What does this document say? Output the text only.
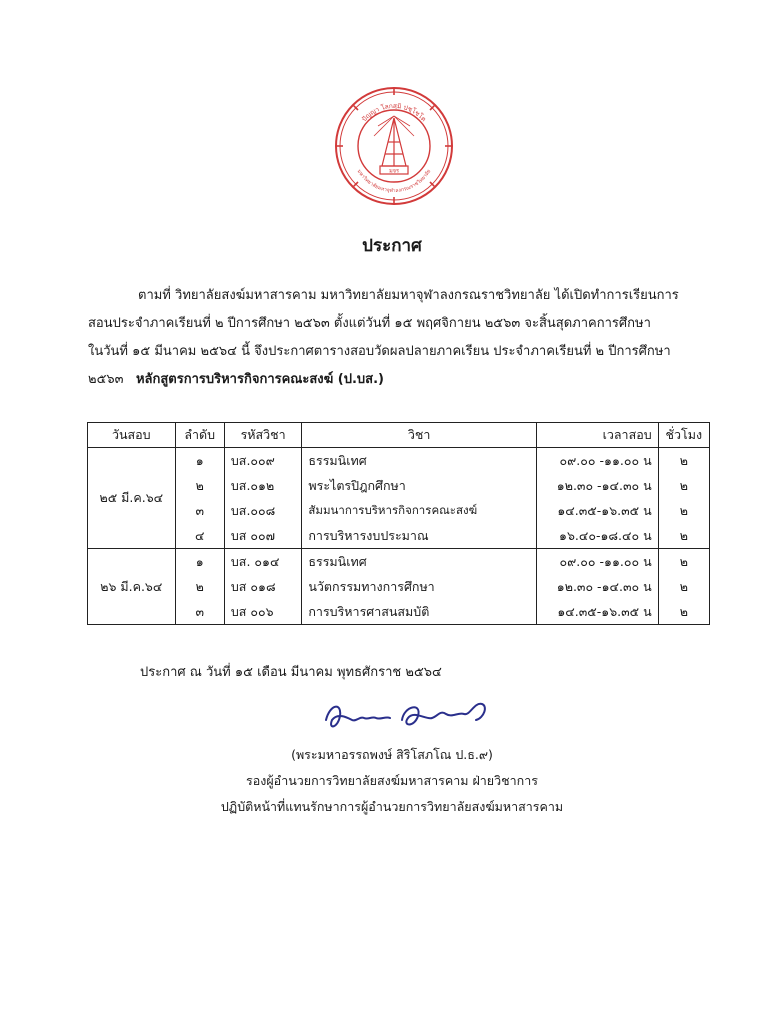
ปัญญา โลกสฺมิ ปชฺโชโต
มหาวิทยาลัยมหาจุฬาลงกรณราชวิทยาลัย
มจร
ประกาศ
ตามที่ วิทยาลัยสงฆ์มหาสารคาม มหาวิทยาลัยมหาจุฬาลงกรณราชวิทยาลัย ได้เปิดทำการเรียนการ
สอนประจำภาคเรียนที่ ๒ ปีการศึกษา ๒๕๖๓ ตั้งแต่วันที่ ๑๕ พฤศจิกายน ๒๕๖๓ จะสิ้นสุดภาคการศึกษา
ในวันที่ ๑๕ มีนาคม ๒๕๖๔ นี้ จึงประกาศตารางสอบวัดผลปลายภาคเรียน ประจำภาคเรียนที่ ๒ ปีการศึกษา
๒๕๖๓ หลักสูตรการบริหารกิจการคณะสงฆ์ (ป.บส.)
วันสอบ	ลำดับ	รหัสวิชา	วิชา	เวลาสอบ	ชั่วโมง
๒๕ มี.ค.๖๔	๑	บส.๐๐๙	ธรรมนิเทศ	๐๙.๐๐ -๑๑.๐๐ น	๒
	๒	บส.๐๑๒	พระไตรปิฎกศึกษา	๑๒.๓๐ -๑๔.๓๐ น	๒
	๓	บส.๐๐๘	สัมมนาการบริหารกิจการคณะสงฆ์	๑๔.๓๕-๑๖.๓๕ น	๒
	๔	บส ๐๐๗	การบริหารงบประมาณ	๑๖.๔๐-๑๘.๔๐ น	๒
๒๖ มี.ค.๖๔	๑	บส. ๐๑๔	ธรรมนิเทศ	๐๙.๐๐ -๑๑.๐๐ น	๒
	๒	บส ๐๑๘	นวัตกรรมทางการศึกษา	๑๒.๓๐ -๑๔.๓๐ น	๒
	๓	บส ๐๐๖	การบริหารศาสนสมบัติ	๑๔.๓๕-๑๖.๓๕ น	๒
ประกาศ ณ วันที่ ๑๕ เดือน มีนาคม พุทธศักราช ๒๕๖๔
(พระมหาอรรถพงษ์ สิริโสภโณ ป.ธ.๙)
รองผู้อำนวยการวิทยาลัยสงฆ์มหาสารคาม ฝ่ายวิชาการ
ปฏิบัติหน้าที่แทนรักษาการผู้อำนวยการวิทยาลัยสงฆ์มหาสารคาม
